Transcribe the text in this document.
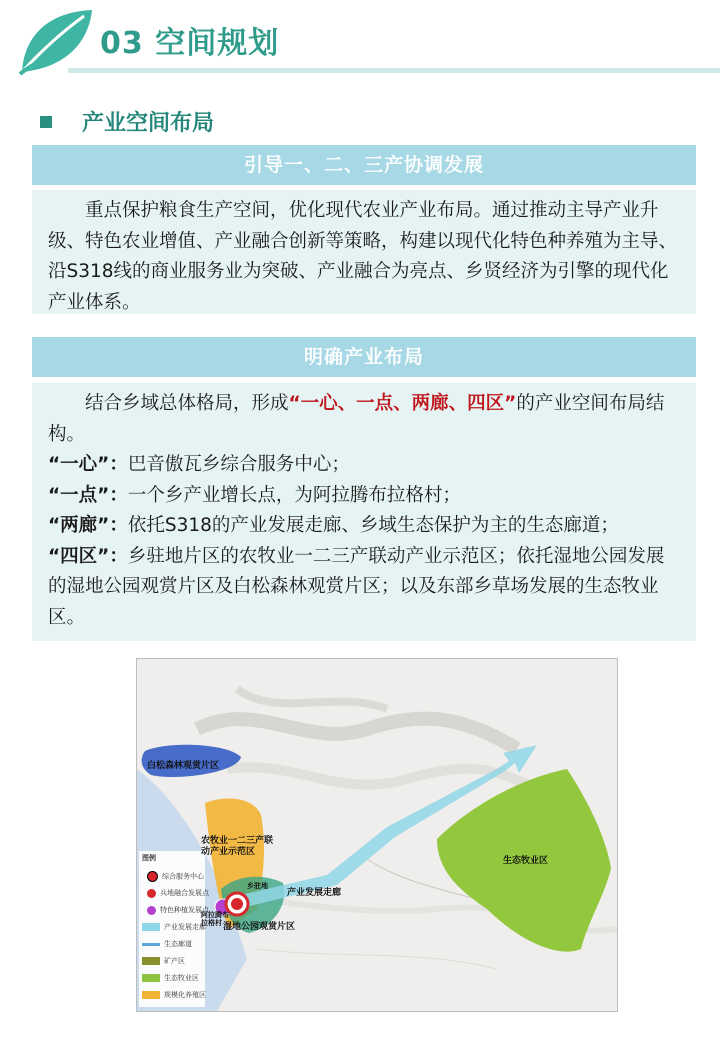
03 空间规划
产业空间布局
引导一、二、三产协调发展
重点保护粮食生产空间，优化现代农业产业布局。通过推动主导产业升级、特色农业增值、产业融合创新等策略，构建以现代化特色种养殖为主导、沿S318线的商业服务业为突破、产业融合为亮点、乡贤经济为引擎的现代化产业体系。
明确产业布局
结合乡域总体格局，形成“一心、一点、两廊、四区”的产业空间布局结构。
“一心”：巴音傲瓦乡综合服务中心；
“一点”：一个乡产业增长点，为阿拉腾布拉格村；
“两廊”：依托S318的产业发展走廊、乡域生态保护为主的生态廊道；
“四区”：乡驻地片区的农牧业一二三产联动产业示范区；依托湿地公园发展的湿地公园观赏片区及白松森林观赏片区；以及东部乡草场发展的生态牧业区。
白松森林观赏片区
农牧业一二三产联动产业示范区
生态牧业区
产业发展走廊
乡驻地
湿地公园观赏片区
阿拉腾布拉格村
图例
综合服务中心
兵地融合发展点
特色种植发展点
产业发展走廊
生态廊道
矿产区
生态牧业区
规模化养殖区
